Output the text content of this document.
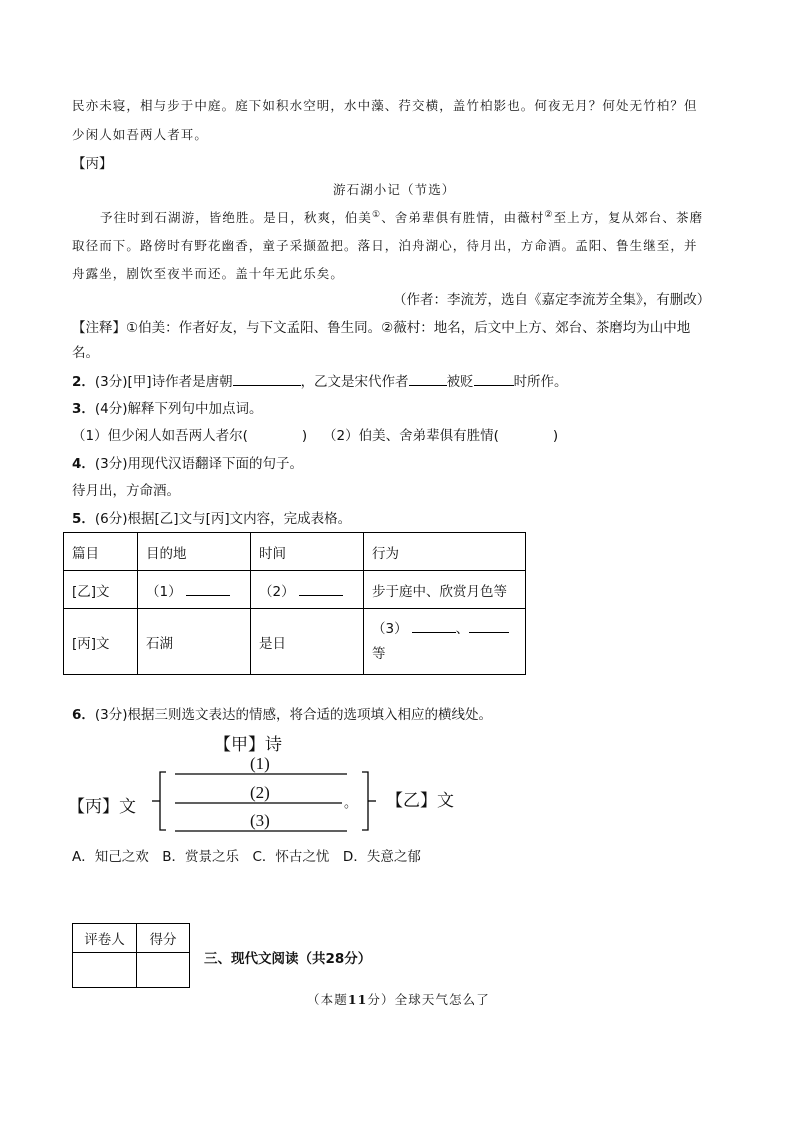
民亦未寝，相与步于中庭。庭下如积水空明，水中藻、荇交横，盖竹柏影也。何夜无月？何处无竹柏？但
少闲人如吾两人者耳。
【丙】
游石湖小记（节选）
予往时到石湖游，皆绝胜。是日，秋爽，伯美①、舍弟辈俱有胜情，由薇村②至上方，复从郊台、茶磨
取径而下。路傍时有野花幽香，童子采撷盈把。落日，泊舟湖心，待月出，方命酒。孟阳、鲁生继至，并
舟露坐，剧饮至夜半而还。盖十年无此乐矣。
（作者：李流芳，选自《嘉定李流芳全集》，有删改）
【注释】①伯美：作者好友，与下文孟阳、鲁生同。②薇村：地名，后文中上方、郊台、茶磨均为山中地
名。
2．(3分)[甲]诗作者是唐朝	，乙文是宋代作者	被贬	时所作。
3．(4分)解释下列句中加点词。
（1）但少闲人如吾两人者尔(	) （2）伯美、舍弟辈俱有胜情(	)
4．(3分)用现代汉语翻译下面的句子。
待月出，方命酒。
5．(6分)根据[乙]文与[丙]文内容，完成表格。
篇目	目的地	时间	行为
[乙]文	（1）	（2）	步于庭中、欣赏月色等
[丙]文	石湖	是日	（3） 、
等
6．(3分)根据三则选文表达的情感，将合适的选项填入相应的横线处。
【甲】诗
【丙】文	【乙】文
(1)
(2)
(3)
。
A．知己之欢　B．赏景之乐　C．怀古之忧　D．失意之郁
评卷人	得分

三、现代文阅读（共28分）
（本题11分）全球天气怎么了
